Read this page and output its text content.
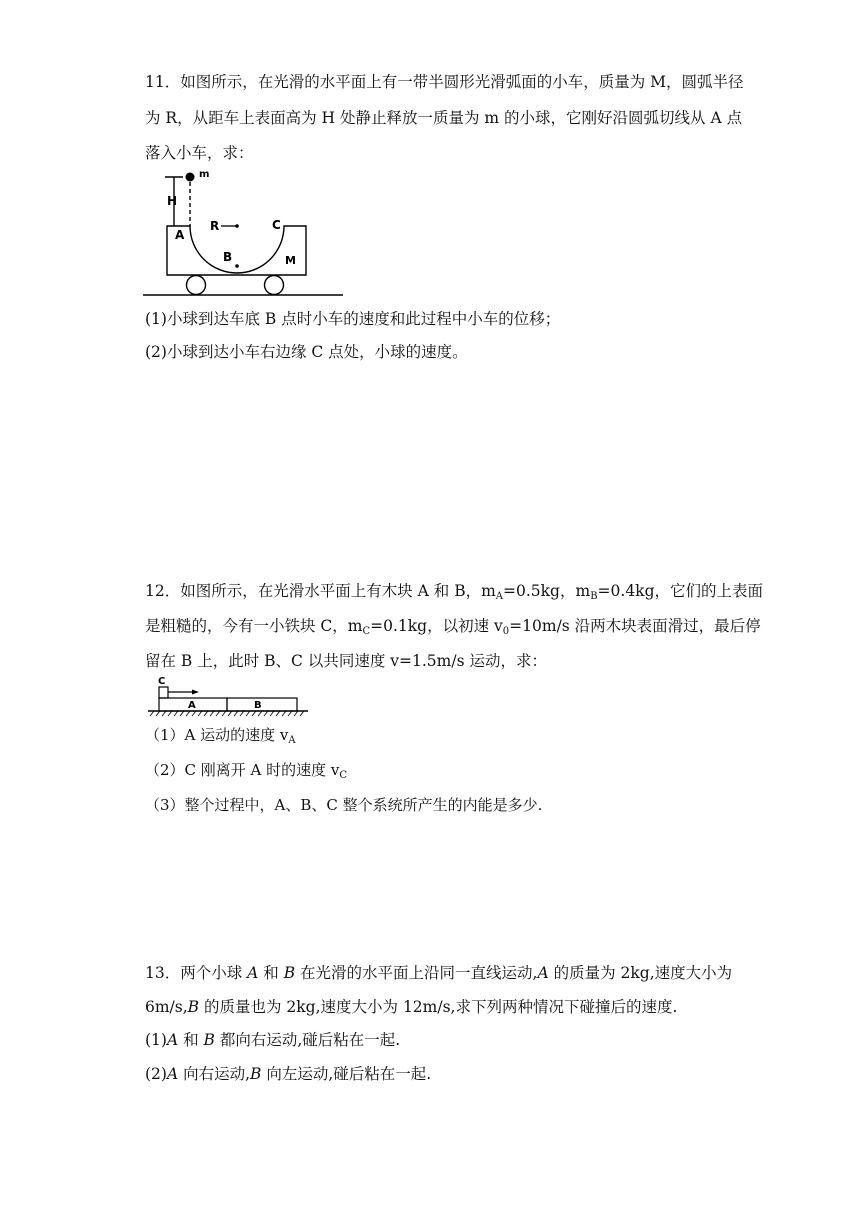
11．如图所示，在光滑的水平面上有一带半圆形光滑弧面的小车，质量为 M，圆弧半径
为 R，从距车上表面高为 H 处静止释放一质量为 m 的小球，它刚好沿圆弧切线从 A 点
落入小车，求：
H
m
R
A
C
B	M
(1)小球到达车底 B 点时小车的速度和此过程中小车的位移；
(2)小球到达小车右边缘 C 点处，小球的速度。
12．如图所示，在光滑水平面上有木块 A 和 B，$m_A=0.5kg$，$m_B=0.4kg$，它们的上表面
是粗糙的，今有一小铁块 C，$m_C=0.1kg$，以初速 $v_0=10m/s$ 沿两木块表面滑过，最后停
留在 B 上，此时 B、C 以共同速度 v=1.5m/s 运动，求：
C
A	B
（1）A 运动的速度 $v_A$
（2）C 刚离开 A 时的速度 $v_C$
（3）整个过程中，A、B、C 整个系统所产生的内能是多少.
13．两个小球 A 和 B 在光滑的水平面上沿同一直线运动,A 的质量为 2kg,速度大小为
6m/s,B 的质量也为 2kg,速度大小为 12m/s,求下列两种情况下碰撞后的速度.
(1)A 和 B 都向右运动,碰后粘在一起.
(2)A 向右运动,B 向左运动,碰后粘在一起.
